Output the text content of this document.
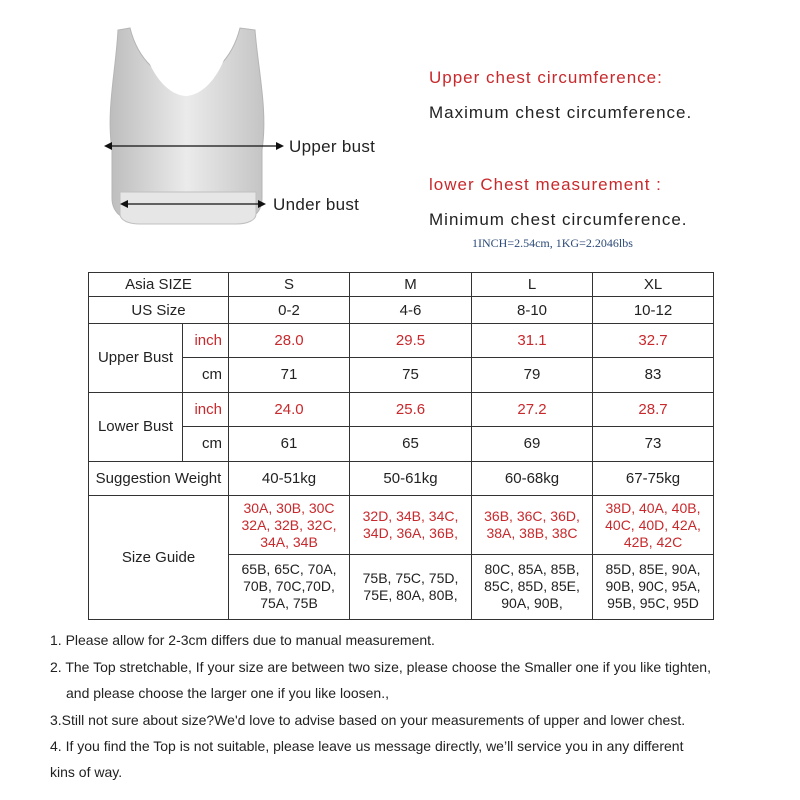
Upper bust
Under bust
Upper chest circumference:
Maximum chest circumference.
lower Chest measurement :
Minimum chest circumference.
1INCH=2.54cm, 1KG=2.2046lbs
Asia SIZE		S	M	L	XL
US Size		0-2	4-6	8-10	10-12
Upper Bust	inch	28.0	29.5	31.1	32.7
	cm	71	75	79	83
Lower Bust	inch	24.0	25.6	27.2	28.7
	cm	61	65	69	73
Suggestion Weight		40-51kg	50-61kg	60-68kg	67-75kg
Size Guide		30A, 30B, 30C 32A, 32B, 32C, 34A, 34B	32D, 34B, 34C, 34D, 36A, 36B,	36B, 36C, 36D, 38A, 38B, 38C	38D, 40A, 40B, 40C, 40D, 42A, 42B, 42C
		65B, 65C, 70A, 70B, 70C,70D, 75A, 75B	75B, 75C, 75D, 75E, 80A, 80B,	80C, 85A, 85B, 85C, 85D, 85E, 90A, 90B,	85D, 85E, 90A, 90B, 90C, 95A, 95B, 95C, 95D
1. Please allow for 2-3cm differs due to manual measurement.
2. The Top stretchable, If your size are between two size, please choose the Smaller one if you like tighten,
and please choose the larger one if you like loosen.,
3.Still not sure about size?We'd love to advise based on your measurements of upper and lower chest.
4. If you find the Top is not suitable, please leave us message directly, we’ll service you in any different
kins of way.
